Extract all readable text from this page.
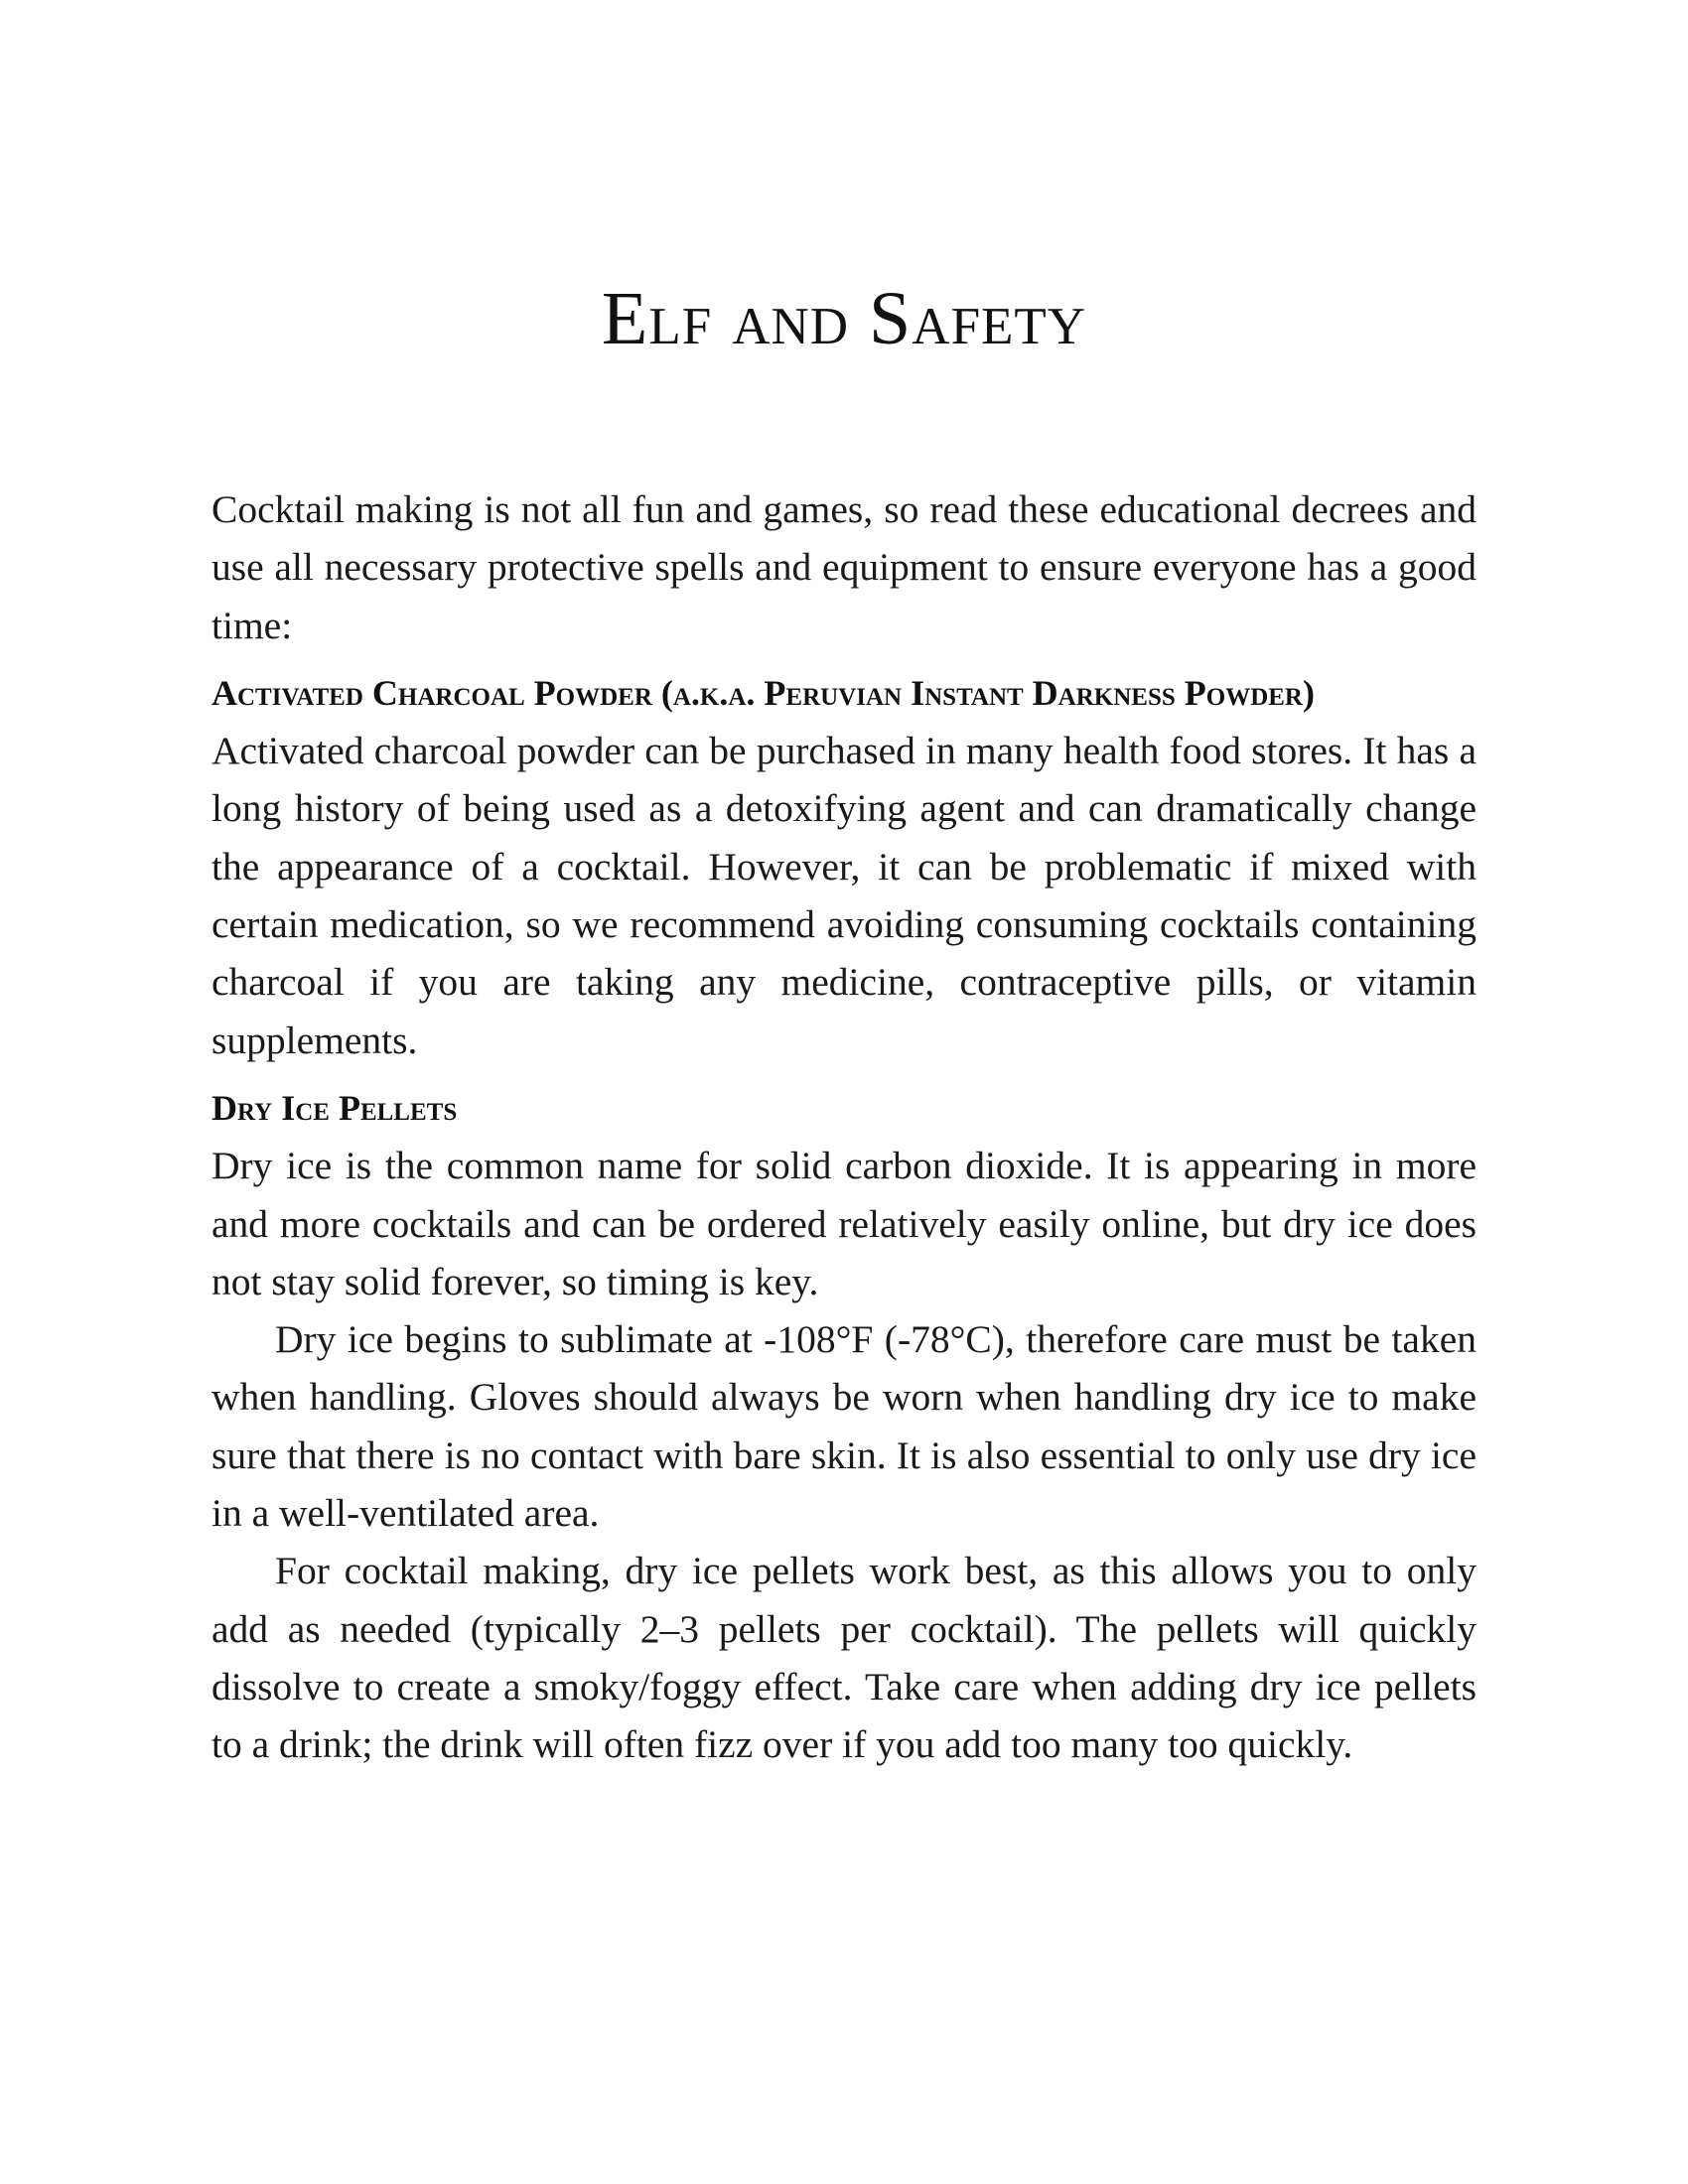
Elf and Safety

Cocktail making is not all fun and games, so read these educational decrees and use all necessary protective spells and equipment to ensure everyone has a good time:

Activated Charcoal Powder (a.k.a. Peruvian Instant Darkness Powder)

Activated charcoal powder can be purchased in many health food stores. It has a long history of being used as a detoxifying agent and can dramatically change the appearance of a cocktail. However, it can be problematic if mixed with certain medication, so we recommend avoiding consuming cocktails containing charcoal if you are taking any medicine, contraceptive pills, or vitamin supplements.

Dry Ice Pellets

Dry ice is the common name for solid carbon dioxide. It is appearing in more and more cocktails and can be ordered relatively easily online, but dry ice does not stay solid forever, so timing is key.

Dry ice begins to sublimate at -108°F (-78°C), therefore care must be taken when handling. Gloves should always be worn when handling dry ice to make sure that there is no contact with bare skin. It is also essential to only use dry ice in a well-ventilated area.

For cocktail making, dry ice pellets work best, as this allows you to only add as needed (typically 2–3 pellets per cocktail). The pellets will quickly dissolve to create a smoky/foggy effect. Take care when adding dry ice pellets to a drink; the drink will often fizz over if you add too many too quickly.
